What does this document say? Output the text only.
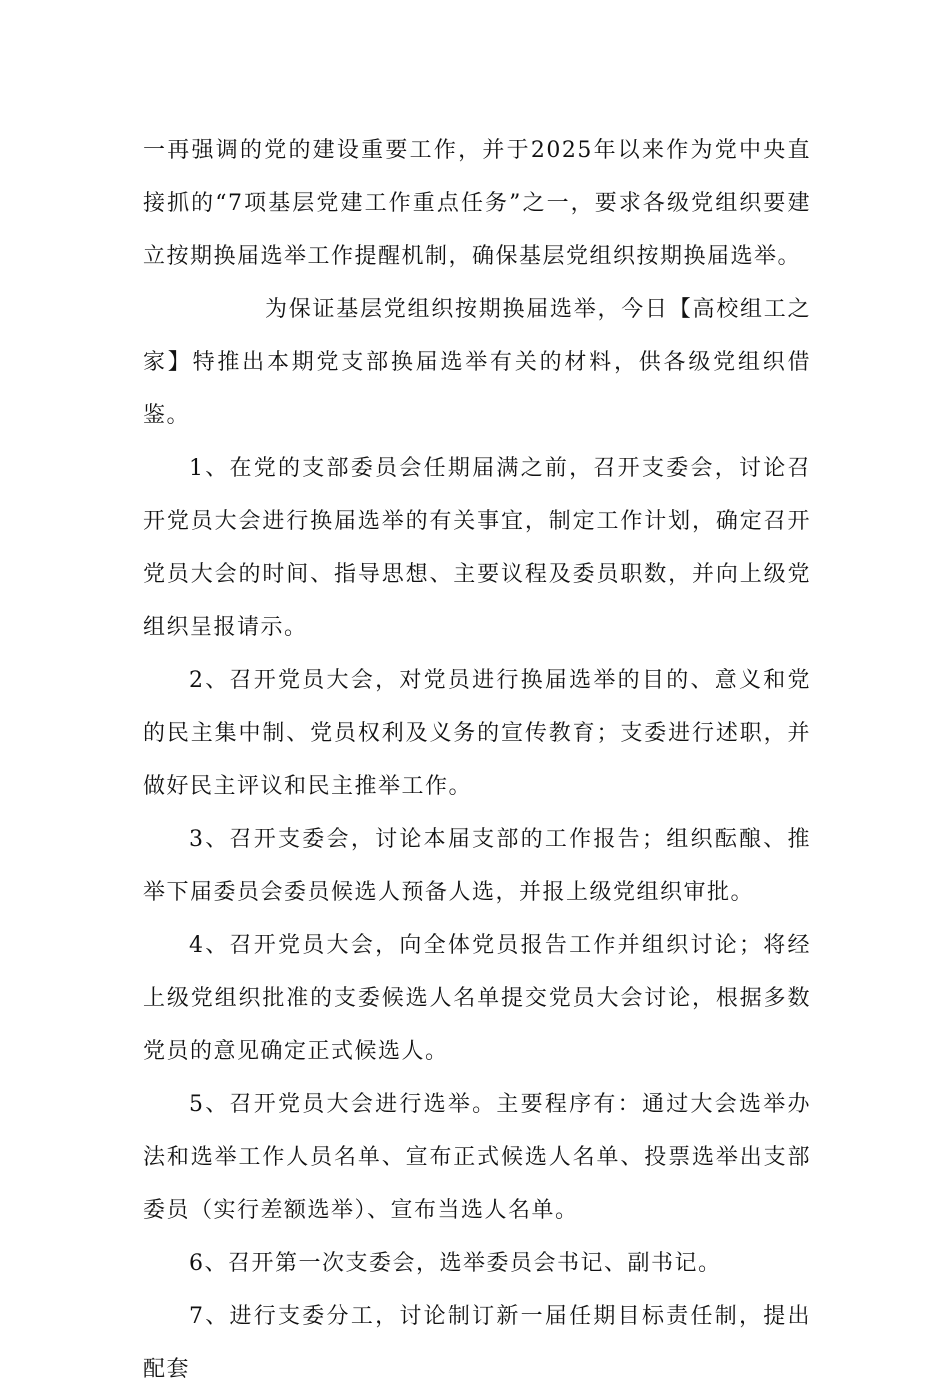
一再强调的党的建设重要工作，并于2025年以来作为党中央直接抓的“7项基层党建工作重点任务”之一，要求各级党组织要建立按期换届选举工作提醒机制，确保基层党组织按期换届选举。

为保证基层党组织按期换届选举，今日【高校组工之家】特推出本期党支部换届选举有关的材料，供各级党组织借鉴。

1、在党的支部委员会任期届满之前，召开支委会，讨论召开党员大会进行换届选举的有关事宜，制定工作计划，确定召开党员大会的时间、指导思想、主要议程及委员职数，并向上级党组织呈报请示。

2、召开党员大会，对党员进行换届选举的目的、意义和党的民主集中制、党员权利及义务的宣传教育；支委进行述职，并做好民主评议和民主推举工作。

3、召开支委会，讨论本届支部的工作报告；组织酝酿、推举下届委员会委员候选人预备人选，并报上级党组织审批。

4、召开党员大会，向全体党员报告工作并组织讨论；将经上级党组织批准的支委候选人名单提交党员大会讨论，根据多数党员的意见确定正式候选人。

5、召开党员大会进行选举。主要程序有：通过大会选举办法和选举工作人员名单、宣布正式候选人名单、投票选举出支部委员（实行差额选举）、宣布当选人名单。

6、召开第一次支委会，选举委员会书记、副书记。

7、进行支委分工，讨论制订新一届任期目标责任制，提出配套
